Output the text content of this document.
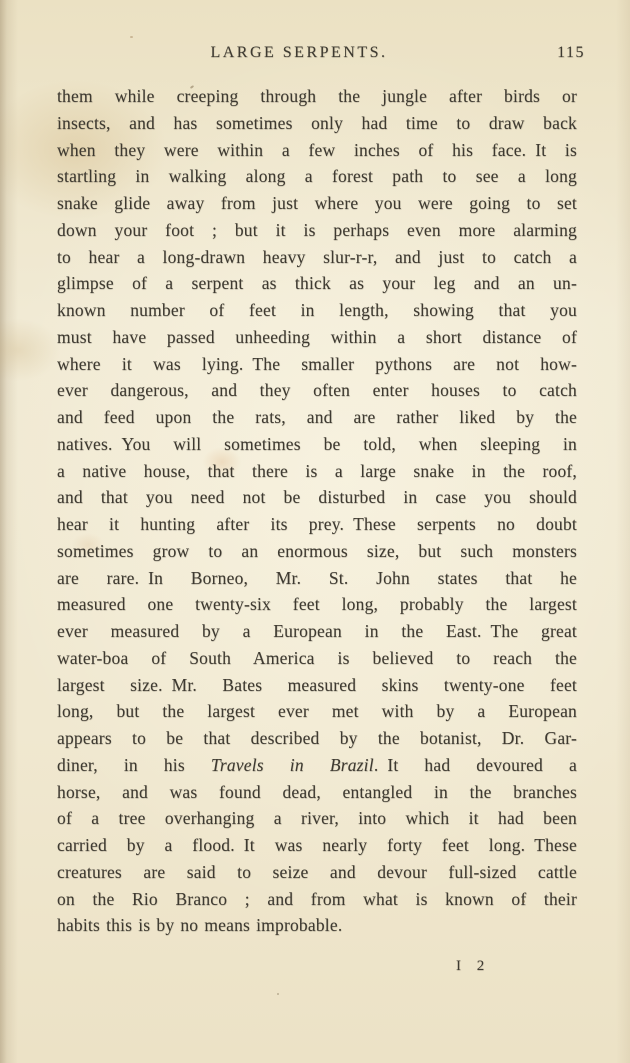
LARGE SERPENTS.	115
them while creeping through the jungle after birds or
insects, and has sometimes only had time to draw back
when they were within a few inches of his face. It is
startling in walking along a forest path to see a long
snake glide away from just where you were going to set
down your foot ; but it is perhaps even more alarming
to hear a long-drawn heavy slur-r-r, and just to catch a
glimpse of a serpent as thick as your leg and an un-
known number of feet in length, showing that you
must have passed unheeding within a short distance of
where it was lying. The smaller pythons are not how-
ever dangerous, and they often enter houses to catch
and feed upon the rats, and are rather liked by the
natives. You will sometimes be told, when sleeping in
a native house, that there is a large snake in the roof,
and that you need not be disturbed in case you should
hear it hunting after its prey. These serpents no doubt
sometimes grow to an enormous size, but such monsters
are rare. In Borneo, Mr. St. John states that he
measured one twenty-six feet long, probably the largest
ever measured by a European in the East. The great
water-boa of South America is believed to reach the
largest size. Mr. Bates measured skins twenty-one feet
long, but the largest ever met with by a European
appears to be that described by the botanist, Dr. Gar-
diner, in his Travels in Brazil. It had devoured a
horse, and was found dead, entangled in the branches
of a tree overhanging a river, into which it had been
carried by a flood. It was nearly forty feet long. These
creatures are said to seize and devour full-sized cattle
on the Rio Branco ; and from what is known of their
habits this is by no means improbable.
I 2
